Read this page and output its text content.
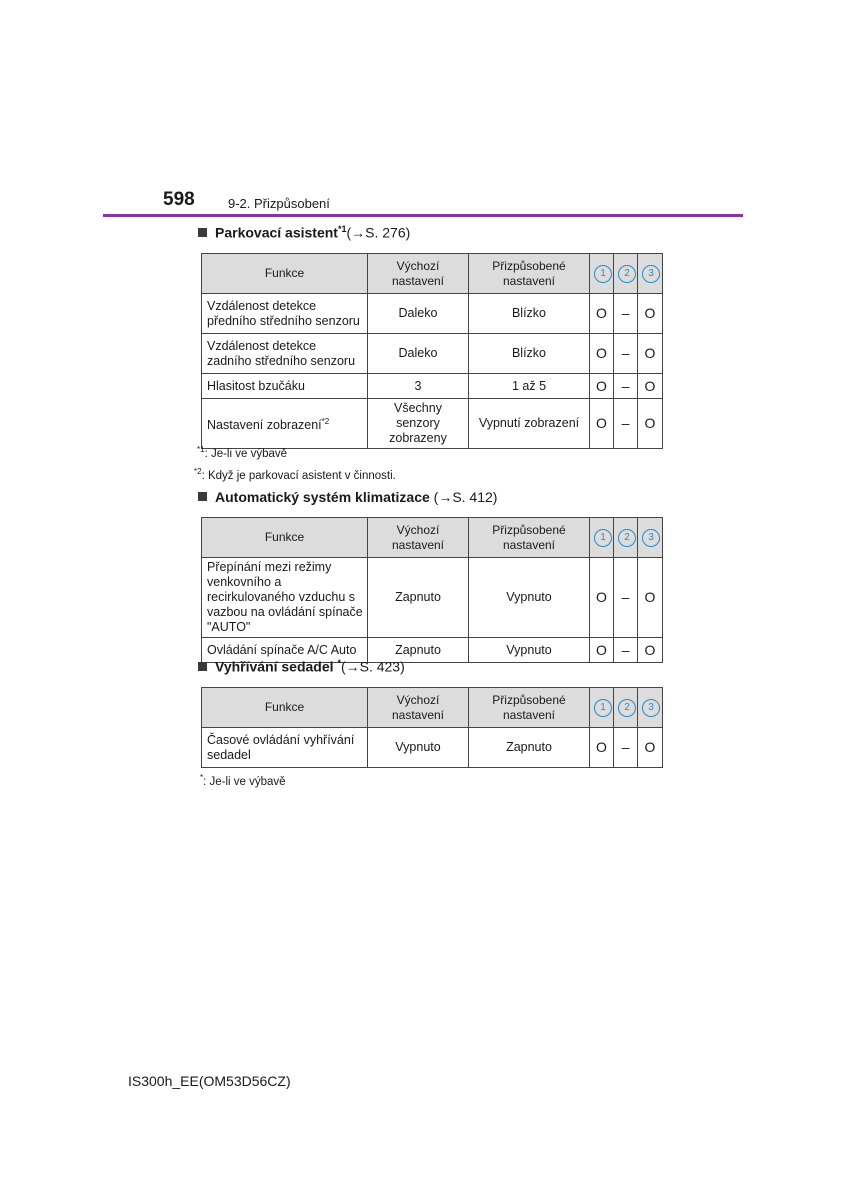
598	9-2. Přizpůsobení
Parkovací asistent$^{*1}$(→S. 276)
Funkce	Výchozí nastavení	Přizpůsobené nastavení	1	2	3
Vzdálenost detekce předního středního senzoru	Daleko	Blízko	O	–	O
Vzdálenost detekce zadního středního senzoru	Daleko	Blízko	O	–	O
Hlasitost bzučáku	3	1 až 5	O	–	O
Nastavení zobrazení$^{*2}$	Všechny senzory zobrazeny	Vypnutí zobrazení	O	–	O
$^{*1}$: Je-li ve výbavě
$^{*2}$: Když je parkovací asistent v činnosti.
Automatický systém klimatizace (→S. 412)
Funkce	Výchozí nastavení	Přizpůsobené nastavení	1	2	3
Přepínání mezi režimy venkovního a recirkulovaného vzduchu s vazbou na ovládání spínače "AUTO"	Zapnuto	Vypnuto	O	–	O
Ovládání spínače A/C Auto	Zapnuto	Vypnuto	O	–	O
Vyhřívání sedadel *(→S. 423)
Funkce	Výchozí nastavení	Přizpůsobené nastavení	1	2	3
Časové ovládání vyhřívání sedadel	Vypnuto	Zapnuto	O	–	O
*: Je-li ve výbavě
IS300h_EE(OM53D56CZ)
